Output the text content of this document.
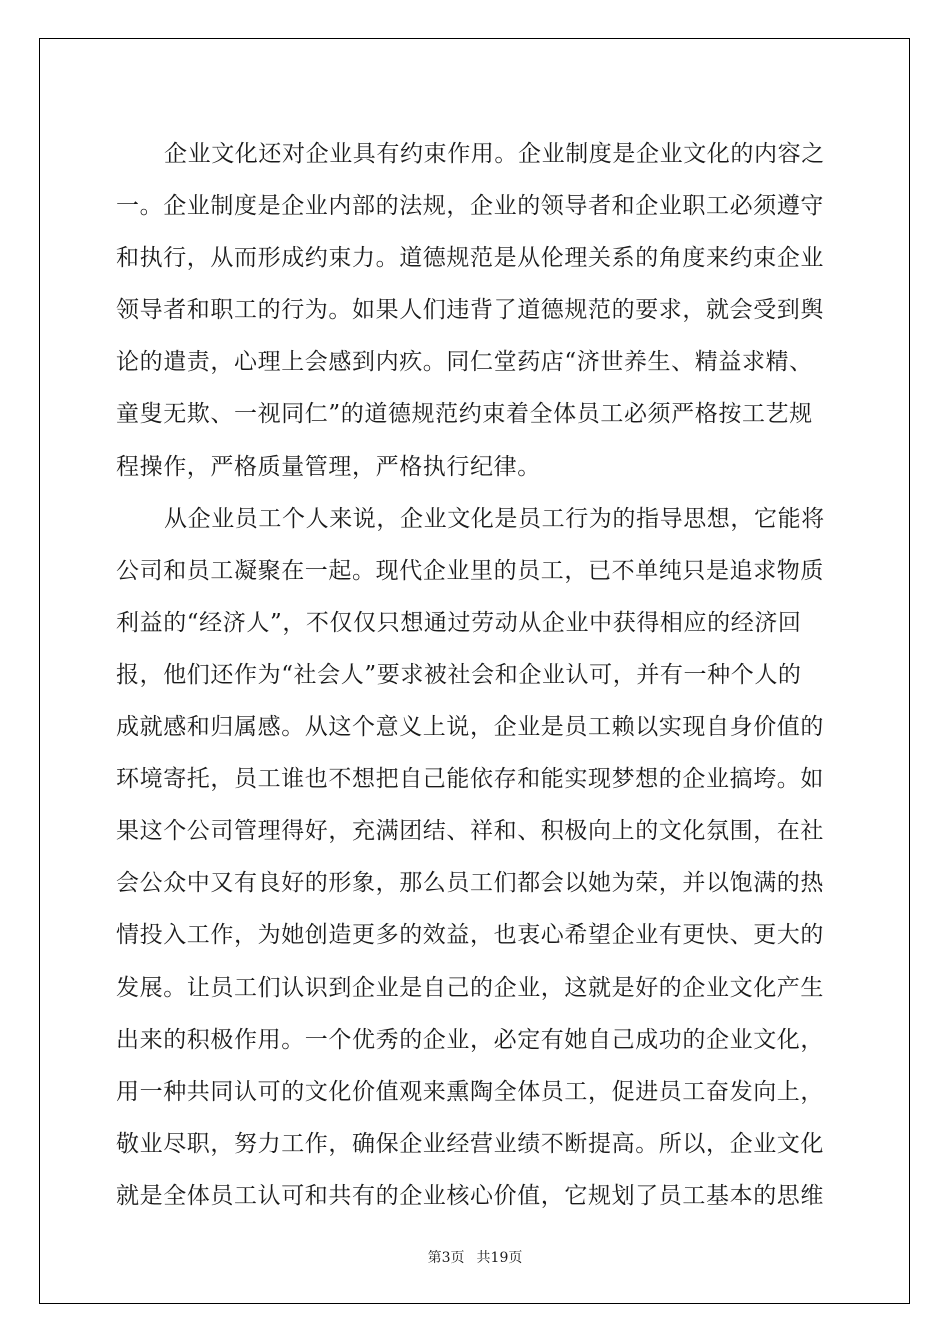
企业文化还对企业具有约束作用。企业制度是企业文化的内容之
一。企业制度是企业内部的法规，企业的领导者和企业职工必须遵守
和执行，从而形成约束力。道德规范是从伦理关系的角度来约束企业
领导者和职工的行为。如果人们违背了道德规范的要求，就会受到舆
论的遣责，心理上会感到内疚。同仁堂药店“济世养生、精益求精、
童叟无欺、一视同仁”的道德规范约束着全体员工必须严格按工艺规
程操作，严格质量管理，严格执行纪律。
从企业员工个人来说，企业文化是员工行为的指导思想，它能将
公司和员工凝聚在一起。现代企业里的员工，已不单纯只是追求物质
利益的“经济人”，不仅仅只想通过劳动从企业中获得相应的经济回
报，他们还作为“社会人”要求被社会和企业认可，并有一种个人的
成就感和归属感。从这个意义上说，企业是员工赖以实现自身价值的
环境寄托，员工谁也不想把自己能依存和能实现梦想的企业搞垮。如
果这个公司管理得好，充满团结、祥和、积极向上的文化氛围，在社
会公众中又有良好的形象，那么员工们都会以她为荣，并以饱满的热
情投入工作，为她创造更多的效益，也衷心希望企业有更快、更大的
发展。让员工们认识到企业是自己的企业，这就是好的企业文化产生
出来的积极作用。一个优秀的企业，必定有她自己成功的企业文化，
用一种共同认可的文化价值观来熏陶全体员工，促进员工奋发向上，
敬业尽职，努力工作，确保企业经营业绩不断提高。所以，企业文化
就是全体员工认可和共有的企业核心价值，它规划了员工基本的思维
第3页 共19页
